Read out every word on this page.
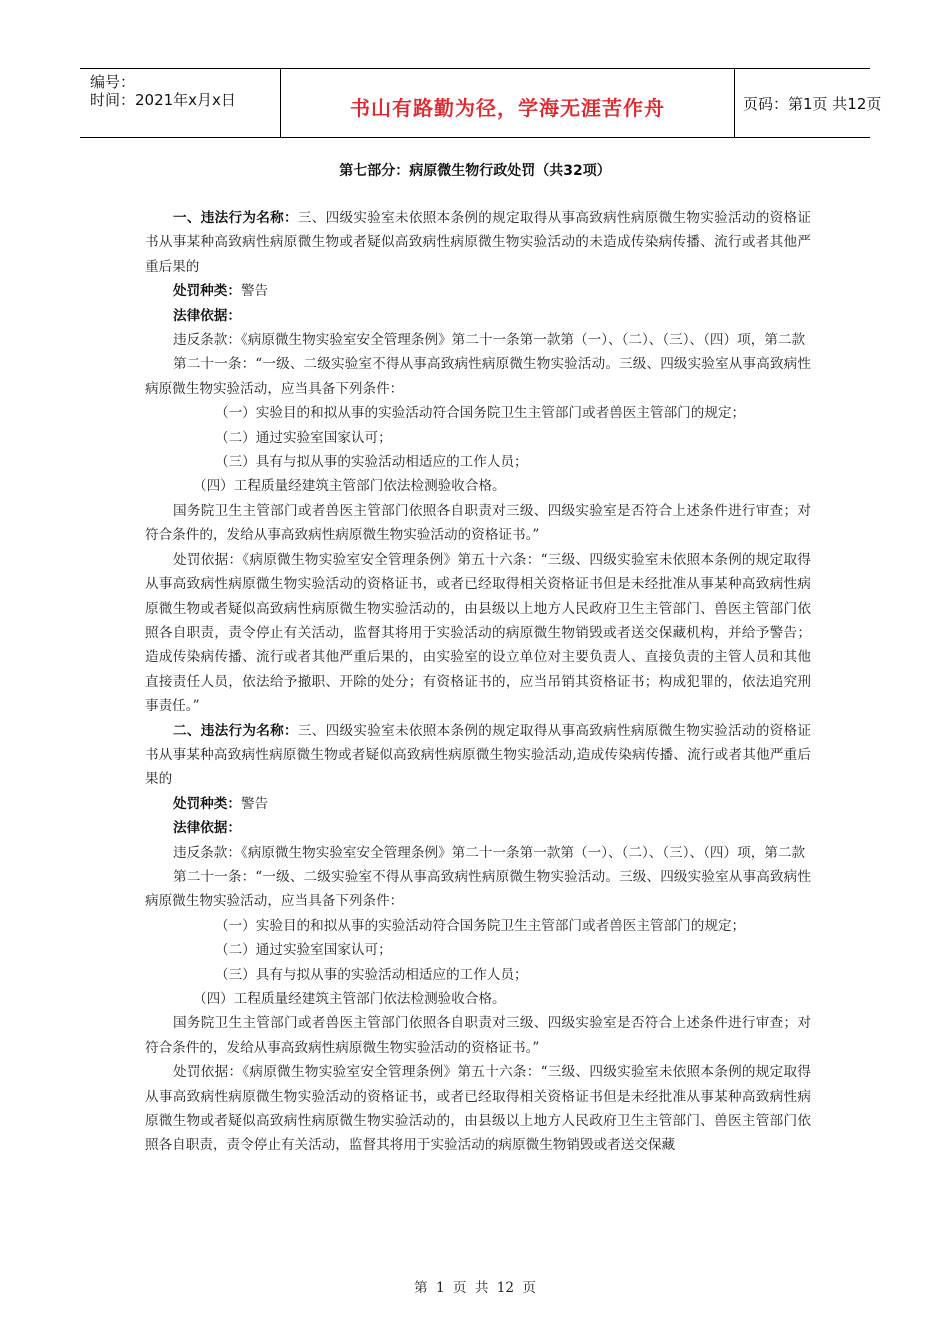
编号：
时间：2021年x月x日	书山有路勤为径，学海无涯苦作舟	页码：第1页 共12页
第七部分：病原微生物行政处罚（共32项）

一、违法行为名称：三、四级实验室未依照本条例的规定取得从事高致病性病原微生物实验活动的资格证书从事某种高致病性病原微生物或者疑似高致病性病原微生物实验活动的未造成传染病传播、流行或者其他严重后果的

处罚种类：警告

法律依据：

违反条款：《病原微生物实验室安全管理条例》第二十一条第一款第（一）、（二）、（三）、（四）项，第二款

第二十一条：“一级、二级实验室不得从事高致病性病原微生物实验活动。三级、四级实验室从事高致病性病原微生物实验活动，应当具备下列条件：

（一）实验目的和拟从事的实验活动符合国务院卫生主管部门或者兽医主管部门的规定；

（二）通过实验室国家认可；

（三）具有与拟从事的实验活动相适应的工作人员；

（四）工程质量经建筑主管部门依法检测验收合格。

国务院卫生主管部门或者兽医主管部门依照各自职责对三级、四级实验室是否符合上述条件进行审查；对符合条件的，发给从事高致病性病原微生物实验活动的资格证书。”

处罚依据：《病原微生物实验室安全管理条例》第五十六条：“三级、四级实验室未依照本条例的规定取得从事高致病性病原微生物实验活动的资格证书，或者已经取得相关资格证书但是未经批准从事某种高致病性病原微生物或者疑似高致病性病原微生物实验活动的，由县级以上地方人民政府卫生主管部门、兽医主管部门依照各自职责，责令停止有关活动，监督其将用于实验活动的病原微生物销毁或者送交保藏机构，并给予警告；造成传染病传播、流行或者其他严重后果的，由实验室的设立单位对主要负责人、直接负责的主管人员和其他直接责任人员，依法给予撤职、开除的处分；有资格证书的，应当吊销其资格证书；构成犯罪的，依法追究刑事责任。”

二、违法行为名称：三、四级实验室未依照本条例的规定取得从事高致病性病原微生物实验活动的资格证书从事某种高致病性病原微生物或者疑似高致病性病原微生物实验活动,造成传染病传播、流行或者其他严重后果的

处罚种类：警告

法律依据：

违反条款：《病原微生物实验室安全管理条例》第二十一条第一款第（一）、（二）、（三）、（四）项，第二款

第二十一条：“一级、二级实验室不得从事高致病性病原微生物实验活动。三级、四级实验室从事高致病性病原微生物实验活动，应当具备下列条件：

（一）实验目的和拟从事的实验活动符合国务院卫生主管部门或者兽医主管部门的规定；

（二）通过实验室国家认可；

（三）具有与拟从事的实验活动相适应的工作人员；

（四）工程质量经建筑主管部门依法检测验收合格。

国务院卫生主管部门或者兽医主管部门依照各自职责对三级、四级实验室是否符合上述条件进行审查；对符合条件的，发给从事高致病性病原微生物实验活动的资格证书。”

处罚依据：《病原微生物实验室安全管理条例》第五十六条：“三级、四级实验室未依照本条例的规定取得从事高致病性病原微生物实验活动的资格证书，或者已经取得相关资格证书但是未经批准从事某种高致病性病原微生物或者疑似高致病性病原微生物实验活动的，由县级以上地方人民政府卫生主管部门、兽医主管部门依照各自职责，责令停止有关活动，监督其将用于实验活动的病原微生物销毁或者送交保藏

第 1 页 共 12 页
